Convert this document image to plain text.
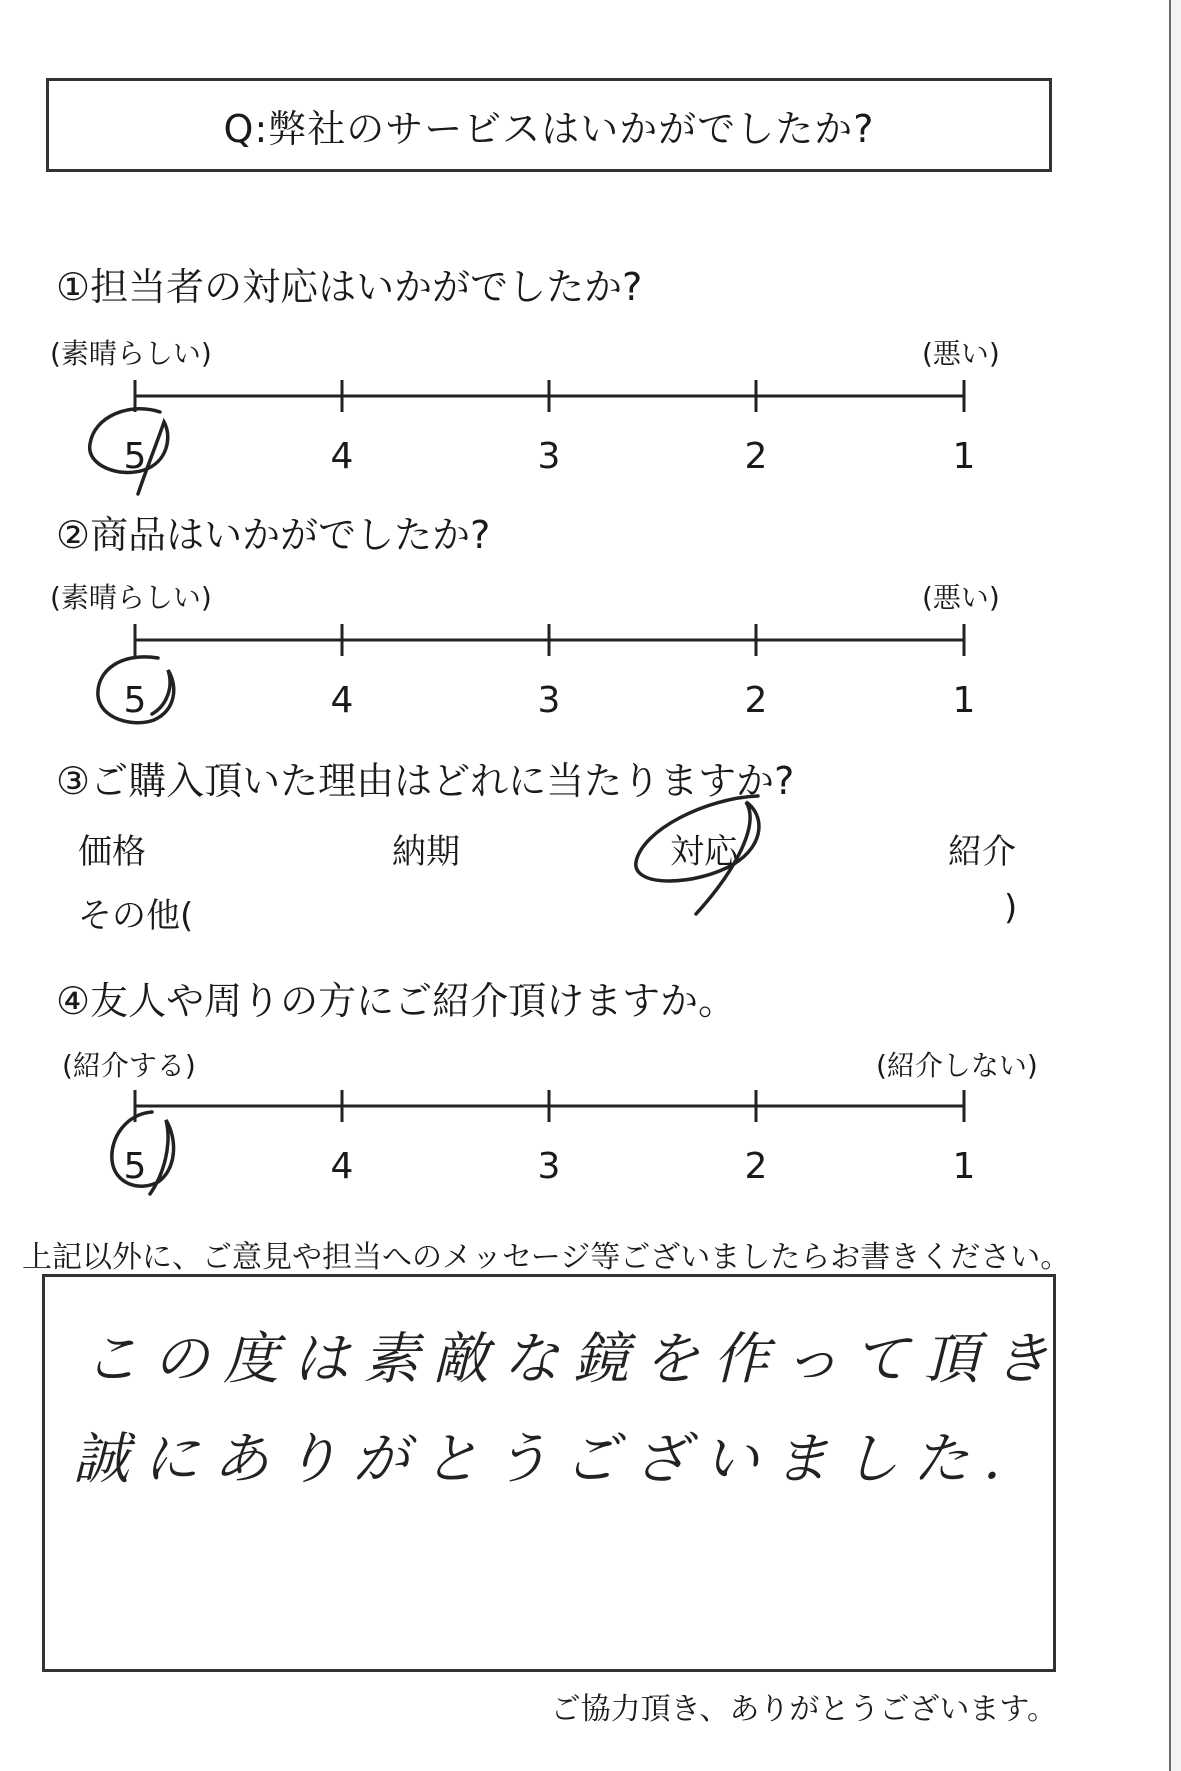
Q:弊社のサービスはいかがでしたか?
①担当者の対応はいかがでしたか?
(素晴らしい)	(悪い)
5	4	3	2	1
②商品はいかがでしたか?
(素晴らしい)	(悪い)
5	4	3	2	1
③ご購入頂いた理由はどれに当たりますか?
価格	納期	対応	紹介
その他(	)
④友人や周りの方にご紹介頂けますか。
(紹介する)	(紹介しない)
5	4	3	2	1
上記以外に、ご意見や担当へのメッセージ等ございましたらお書きください。
この度は素敵な鏡を作って頂き
誠にありがとうございました.
ご協力頂き、ありがとうございます。
